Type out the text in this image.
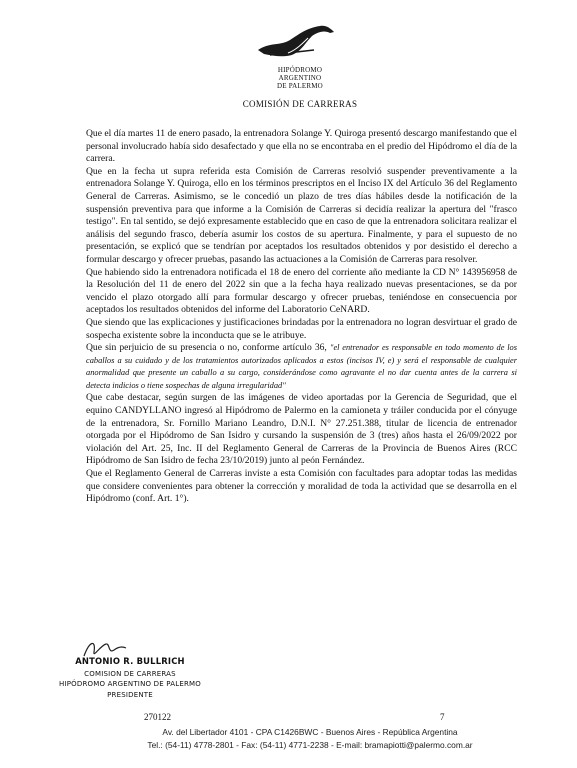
HIPÓDROMO
ARGENTINO
DE PALERMO
COMISIÓN DE CARRERAS

Que el día martes 11 de enero pasado, la entrenadora Solange Y. Quiroga presentó descargo manifestando que el personal involucrado había sido desafectado y que ella no se encontraba en el predio del Hipódromo el día de la carrera.

Que en la fecha ut supra referida esta Comisión de Carreras resolvió suspender preventivamente a la entrenadora Solange Y. Quiroga, ello en los términos prescriptos en el Inciso IX del Artículo 36 del Reglamento General de Carreras. Asimismo, se le concedió un plazo de tres días hábiles desde la notificación de la suspensión preventiva para que informe a la Comisión de Carreras si decidía realizar la apertura del "frasco testigo". En tal sentido, se dejó expresamente establecido que en caso de que la entrenadora solicitara realizar el análisis del segundo frasco, debería asumir los costos de su apertura. Finalmente, y para el supuesto de no presentación, se explicó que se tendrían por aceptados los resultados obtenidos y por desistido el derecho a formular descargo y ofrecer pruebas, pasando las actuaciones a la Comisión de Carreras para resolver.

Que habiendo sido la entrenadora notificada el 18 de enero del corriente año mediante la CD N° 143956958 de la Resolución del 11 de enero del 2022 sin que a la fecha haya realizado nuevas presentaciones, se da por vencido el plazo otorgado allí para formular descargo y ofrecer pruebas, teniéndose en consecuencia por aceptados los resultados obtenidos del informe del Laboratorio CeNARD.

Que siendo que las explicaciones y justificaciones brindadas por la entrenadora no logran desvirtuar el grado de sospecha existente sobre la inconducta que se le atribuye.

Que sin perjuicio de su presencia o no, conforme artículo 36, "el entrenador es responsable en todo momento de los caballos a su cuidado y de los tratamientos autorizados aplicados a estos (incisos IV, e) y será el responsable de cualquier anormalidad que presente un caballo a su cargo, considerándose como agravante el no dar cuenta antes de la carrera si detecta indicios o tiene sospechas de alguna irregularidad"

Que cabe destacar, según surgen de las imágenes de video aportadas por la Gerencia de Seguridad, que el equino CANDYLLANO ingresó al Hipódromo de Palermo en la camioneta y tráiler conducida por el cónyuge de la entrenadora, Sr. Fornillo Mariano Leandro, D.N.I. N° 27.251.388, titular de licencia de entrenador otorgada por el Hipódromo de San Isidro y cursando la suspensión de 3 (tres) años hasta el 26/09/2022 por violación del Art. 25, Inc. II del Reglamento General de Carreras de la Provincia de Buenos Aires (RCC Hipódromo de San Isidro de fecha 23/10/2019) junto al peón Fernández.

Que el Reglamento General de Carreras inviste a esta Comisión con facultades para adoptar todas las medidas que considere convenientes para obtener la corrección y moralidad de toda la actividad que se desarrolla en el Hipódromo (conf. Art. 1°).

ANTONIO R. BULLRICH
COMISION DE CARRERAS
HIPÓDROMO ARGENTINO DE PALERMO
PRESIDENTE
270122	7
Av. del Libertador 4101 - CPA C1426BWC - Buenos Aires - República Argentina
Tel.: (54-11) 4778-2801 - Fax: (54-11) 4771-2238 - E-mail: bramapiotti@palermo.com.ar
